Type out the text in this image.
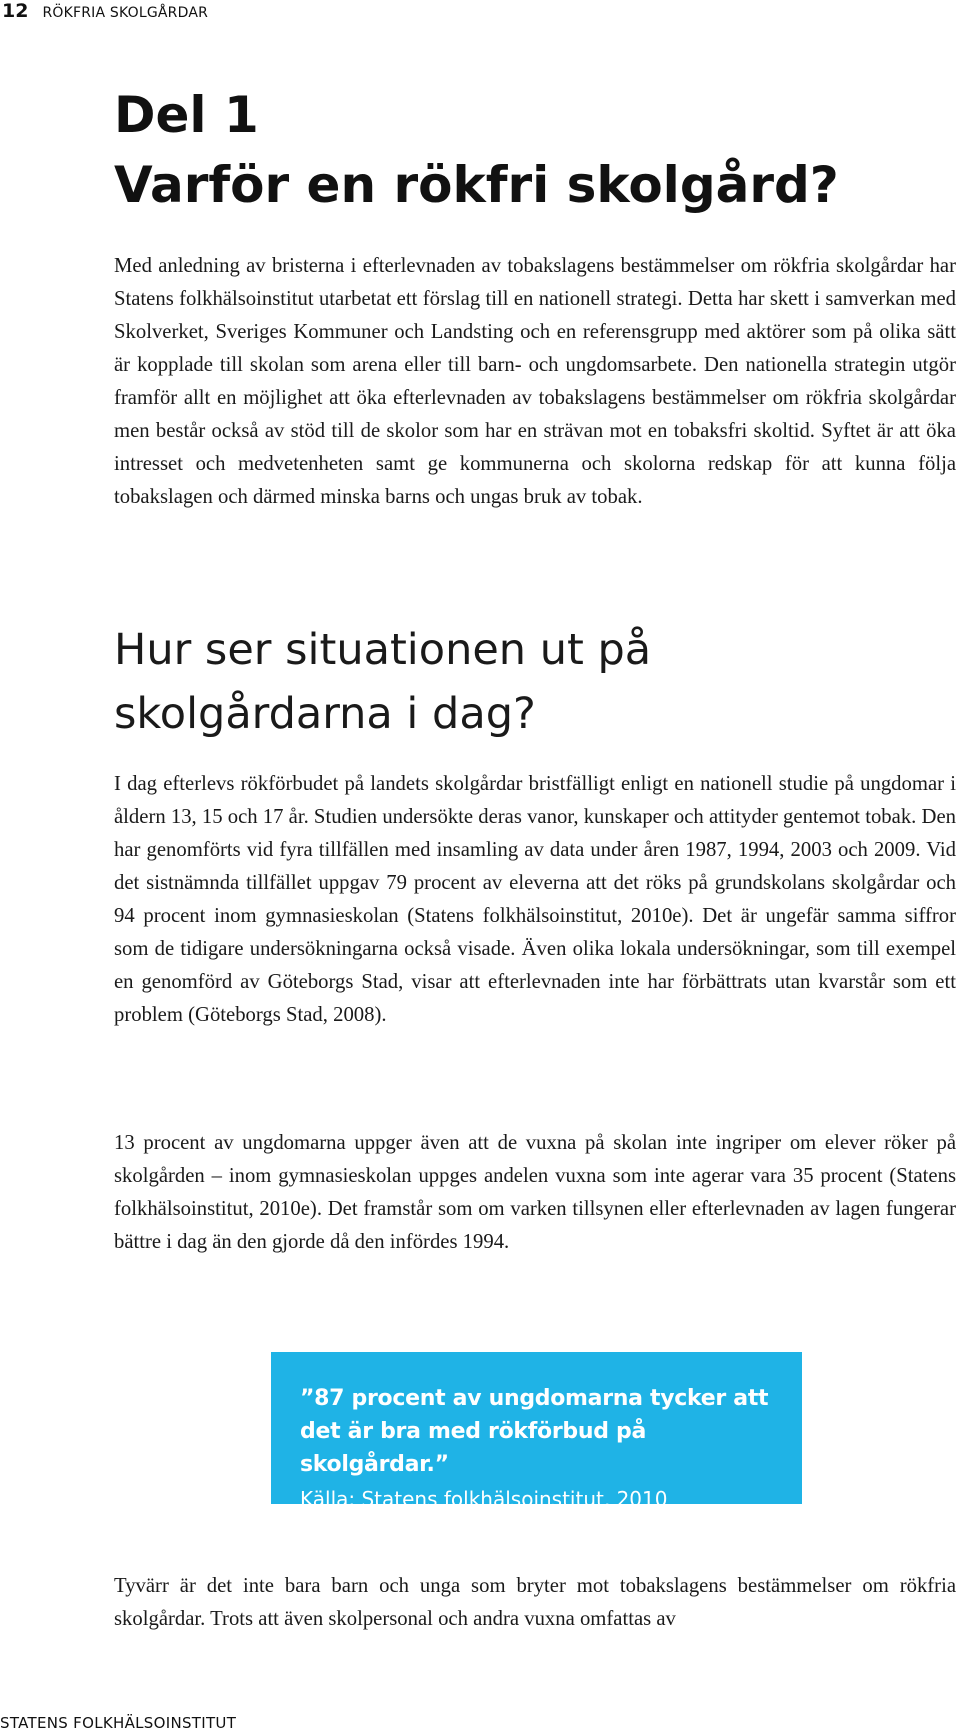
12 RÖKFRIA SKOLGÅRDAR
Del 1
Varför en rökfri skolgård?

Med anledning av bristerna i efterlevnaden av tobakslagens bestämmelser om rökfria skolgårdar har Statens folkhälsoinstitut utarbetat ett förslag till en nationell strategi. Detta har skett i samverkan med Skolverket, Sveriges Kommuner och Landsting och en referensgrupp med aktörer som på olika sätt är kopplade till skolan som arena eller till barn- och ungdomsarbete. Den nationella strategin utgör framför allt en möjlighet att öka efterlevnaden av tobakslagens bestämmelser om rökfria skolgårdar men består också av stöd till de skolor som har en strävan mot en tobaksfri skoltid. Syftet är att öka intresset och medvetenheten samt ge kommunerna och skolorna redskap för att kunna följa tobakslagen och därmed minska barns och ungas bruk av tobak.

Hur ser situationen ut på skolgårdarna i dag?

I dag efterlevs rökförbudet på landets skolgårdar bristfälligt enligt en nationell studie på ungdomar i åldern 13, 15 och 17 år. Studien undersökte deras vanor, kunskaper och attityder gentemot tobak. Den har genomförts vid fyra tillfällen med insamling av data under åren 1987, 1994, 2003 och 2009. Vid det sistnämnda tillfället uppgav 79 procent av eleverna att det röks på grundskolans skolgårdar och 94 procent inom gymnasieskolan (Statens folkhälsoinstitut, 2010e). Det är ungefär samma siffror som de tidigare undersökningarna också visade. Även olika lokala undersökningar, som till exempel en genomförd av Göteborgs Stad, visar att efterlevnaden inte har förbättrats utan kvarstår som ett problem (Göteborgs Stad, 2008).

13 procent av ungdomarna uppger även att de vuxna på skolan inte ingriper om elever röker på skolgården – inom gymnasieskolan uppges andelen vuxna som inte agerar vara 35 procent (Statens folkhälsoinstitut, 2010e). Det framstår som om varken tillsynen eller efterlevnaden av lagen fungerar bättre i dag än den gjorde då den infördes 1994.

”87 procent av ungdomarna tycker att det är bra med rökförbud på skolgårdar.”

Källa: Statens folkhälsoinstitut, 2010

Tyvärr är det inte bara barn och unga som bryter mot tobakslagens bestämmelser om rökfria skolgårdar. Trots att även skolpersonal och andra vuxna omfattas av

STATENS FOLKHÄLSOINSTITUT
